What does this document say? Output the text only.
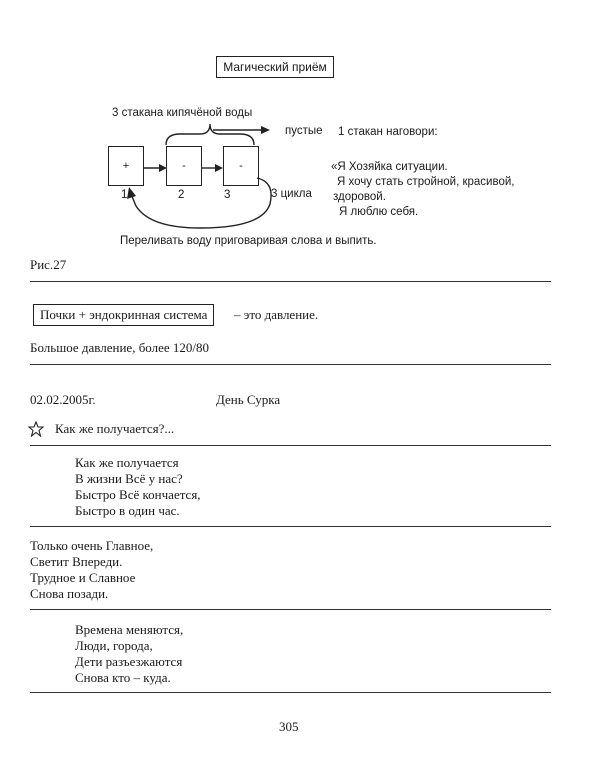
Магический приём
3 стакана кипячёной воды
+	-	-
1	2	3
пустые 1 стакан наговори:
3 цикла
«Я Хозяйка ситуации.
Я хочу стать стройной, красивой,
здоровой.
Я люблю себя.
Переливать воду приговаривая слова и выпить.
Рис.27
Почки + эндокринная система	– это давление.
Большое давление, более 120/80
02.02.2005г.	День Сурка
Как же получается?...
Как же получается
В жизни Всё у нас?
Быстро Всё кончается,
Быстро в один час.
Только очень Главное,
Светит Впереди.
Трудное и Славное
Снова позади.
Времена меняются,
Люди, города,
Дети разъезжаются
Снова кто – куда.
305
